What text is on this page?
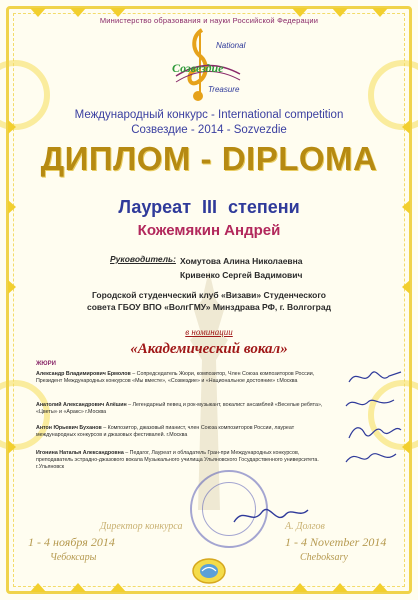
Министерство образования и науки Российской Федерации
National
Созвездие
Treasure
Международный конкурс - International competition
Созвездие - 2014 - Sozvezdie
ДИПЛОМ - DIPLOMA
Лауреат III степени
Кожемякин Андрей
Руководитель: Хомутова Алина Николаевна
Кривенко Сергей Вадимович
Городской студенческий клуб «Визави» Студенческого
совета ГБОУ ВПО «ВолгГМУ» Минздрава РФ, г. Волгоград
в номинации
«Академический вокал»
ЖЮРИ
Александр Владимирович Ермолов – Сопредседатель Жюри, композитор, Член Союза композиторов России, Президент Международных конкурсов «Мы вместе», «Созвездие» и «Национальное достояние» г.Москва
Анатолий Александрович Алёшин – Легендарный певец и рок-музыкант, вокалист ансамблей «Веселые ребята», «Цветы» и «Аракс» г.Москва
Антон Юрьевич Буханов – Композитор, джазовый пианист, член Союза композиторов России, лауреат международных конкурсов и джазовых фестивалей. г.Москва
Игонина Наталья Александровна – Педагог, Лауреат и обладатель Гран-при Международных конкурсов, преподаватель эстрадно-джазового вокала Музыкального училища Ульяновского Государственного университета. г.Ульяновск
Директор конкурса	А. Долгов
1 - 4 ноября 2014	1 - 4 November 2014
Чебоксары	Cheboksary
